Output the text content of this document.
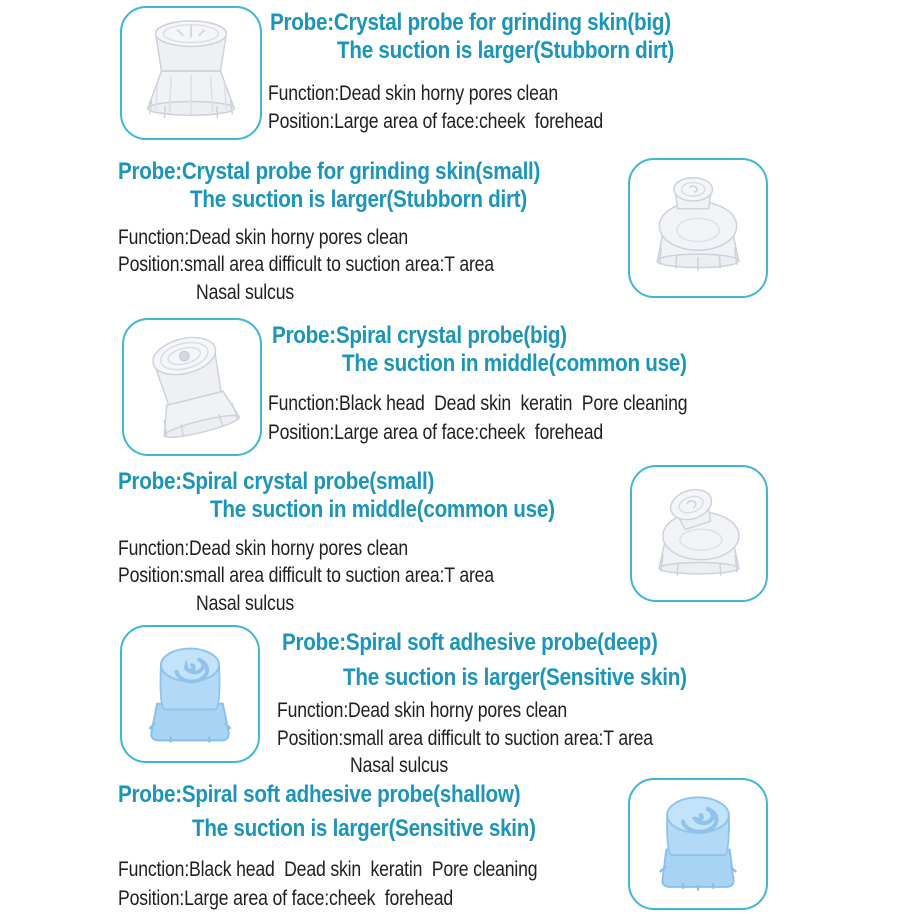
Probe:Crystal probe for grinding skin(big)
The suction is larger(Stubborn dirt)
Function:Dead skin horny pores clean
Position:Large area of face:cheek  forehead
Probe:Crystal probe for grinding skin(small)
The suction is larger(Stubborn dirt)
Function:Dead skin horny pores clean
Position:small area difficult to suction area:T area
Nasal sulcus
Probe:Spiral crystal probe(big)
The suction in middle(common use)
Function:Black head  Dead skin  keratin  Pore cleaning
Position:Large area of face:cheek  forehead
Probe:Spiral crystal probe(small)
The suction in middle(common use)
Function:Dead skin horny pores clean
Position:small area difficult to suction area:T area
Nasal sulcus
Probe:Spiral soft adhesive probe(deep)
The suction is larger(Sensitive skin)
Function:Dead skin horny pores clean
Position:small area difficult to suction area:T area
Nasal sulcus
Probe:Spiral soft adhesive probe(shallow)
The suction is larger(Sensitive skin)
Function:Black head  Dead skin  keratin  Pore cleaning
Position:Large area of face:cheek  forehead
